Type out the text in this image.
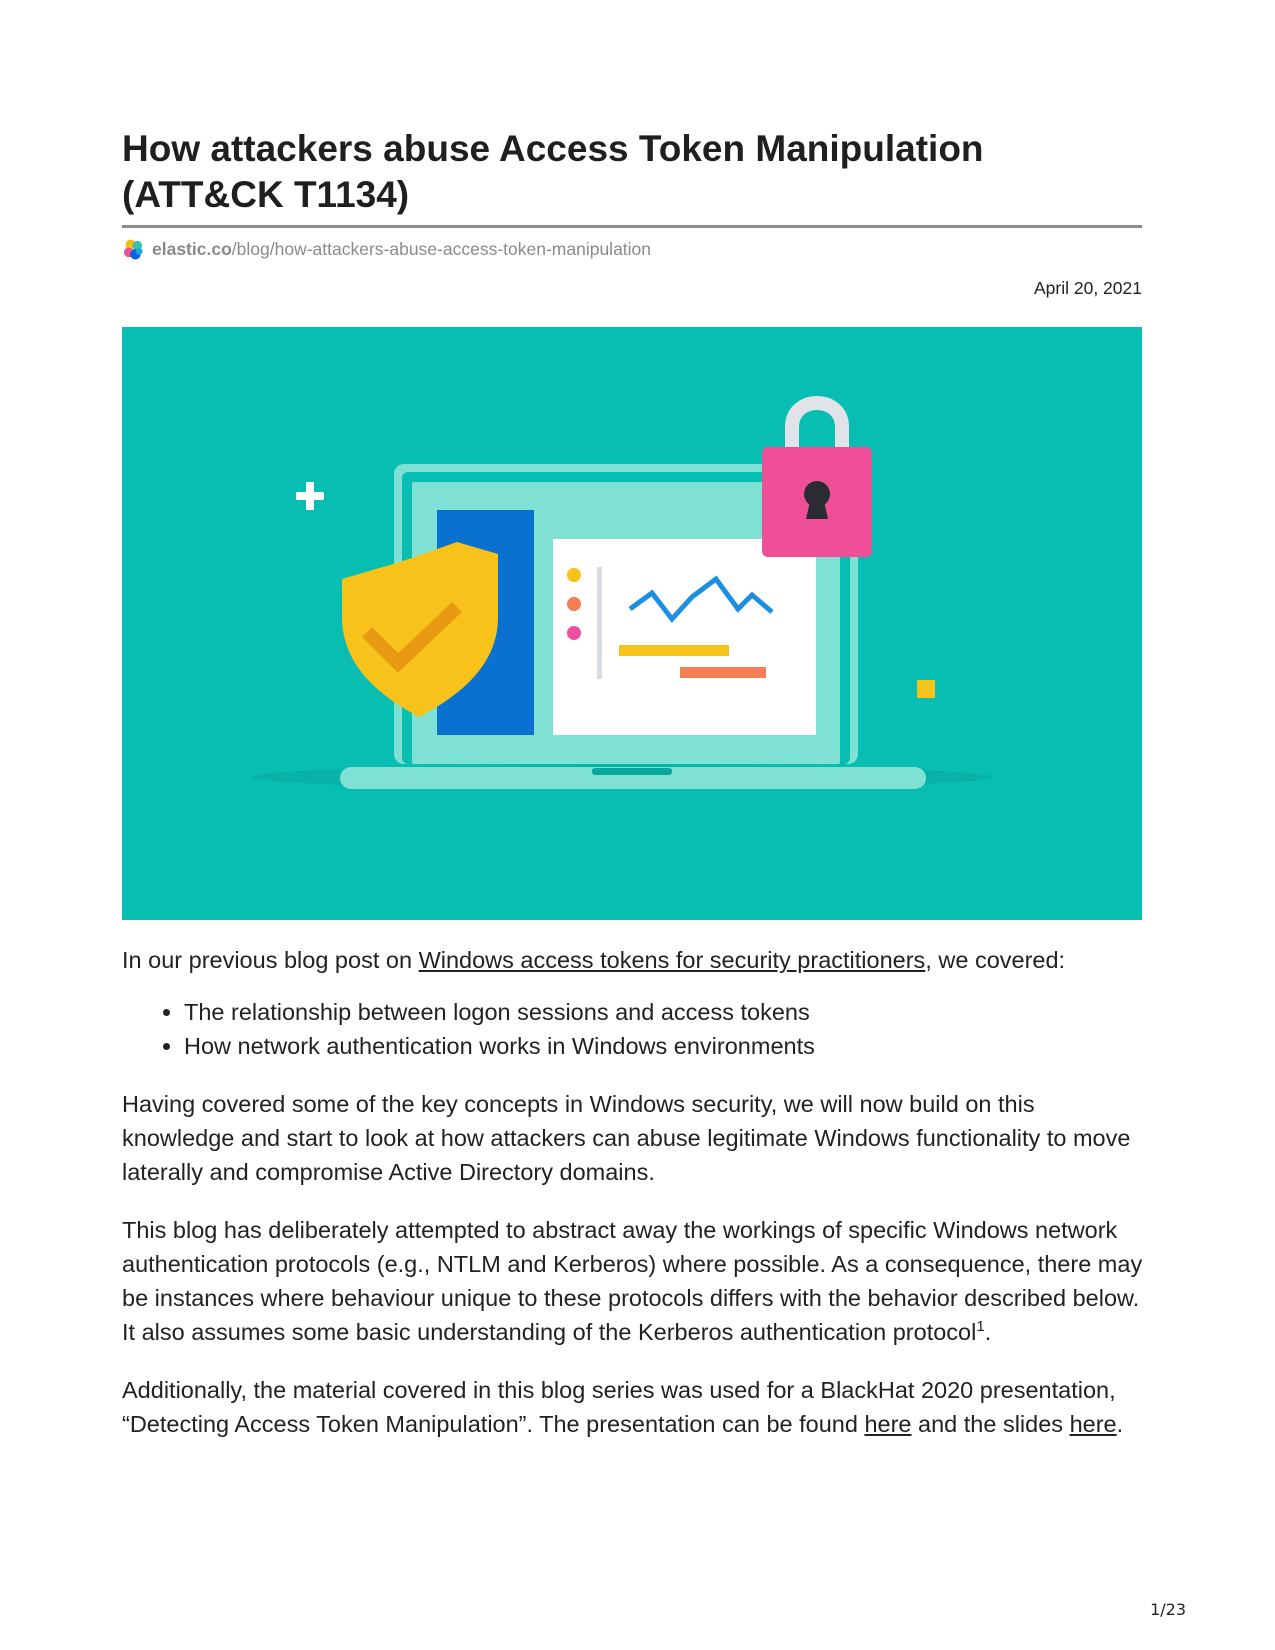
How attackers abuse Access Token Manipulation
(ATT&CK T1134)
elastic.co /blog/how-attackers-abuse-access-token-manipulation
April 20, 2021

In our previous blog post on Windows access tokens for security practitioners, we covered:

• The relationship between logon sessions and access tokens
• How network authentication works in Windows environments

Having covered some of the key concepts in Windows security, we will now build on this knowledge and start to look at how attackers can abuse legitimate Windows functionality to move laterally and compromise Active Directory domains.

This blog has deliberately attempted to abstract away the workings of specific Windows network authentication protocols (e.g., NTLM and Kerberos) where possible. As a consequence, there may be instances where behaviour unique to these protocols differs with the behavior described below. It also assumes some basic understanding of the Kerberos authentication protocol$^1$.

Additionally, the material covered in this blog series was used for a BlackHat 2020 presentation, “Detecting Access Token Manipulation”. The presentation can be found here and the slides here.

1/23
